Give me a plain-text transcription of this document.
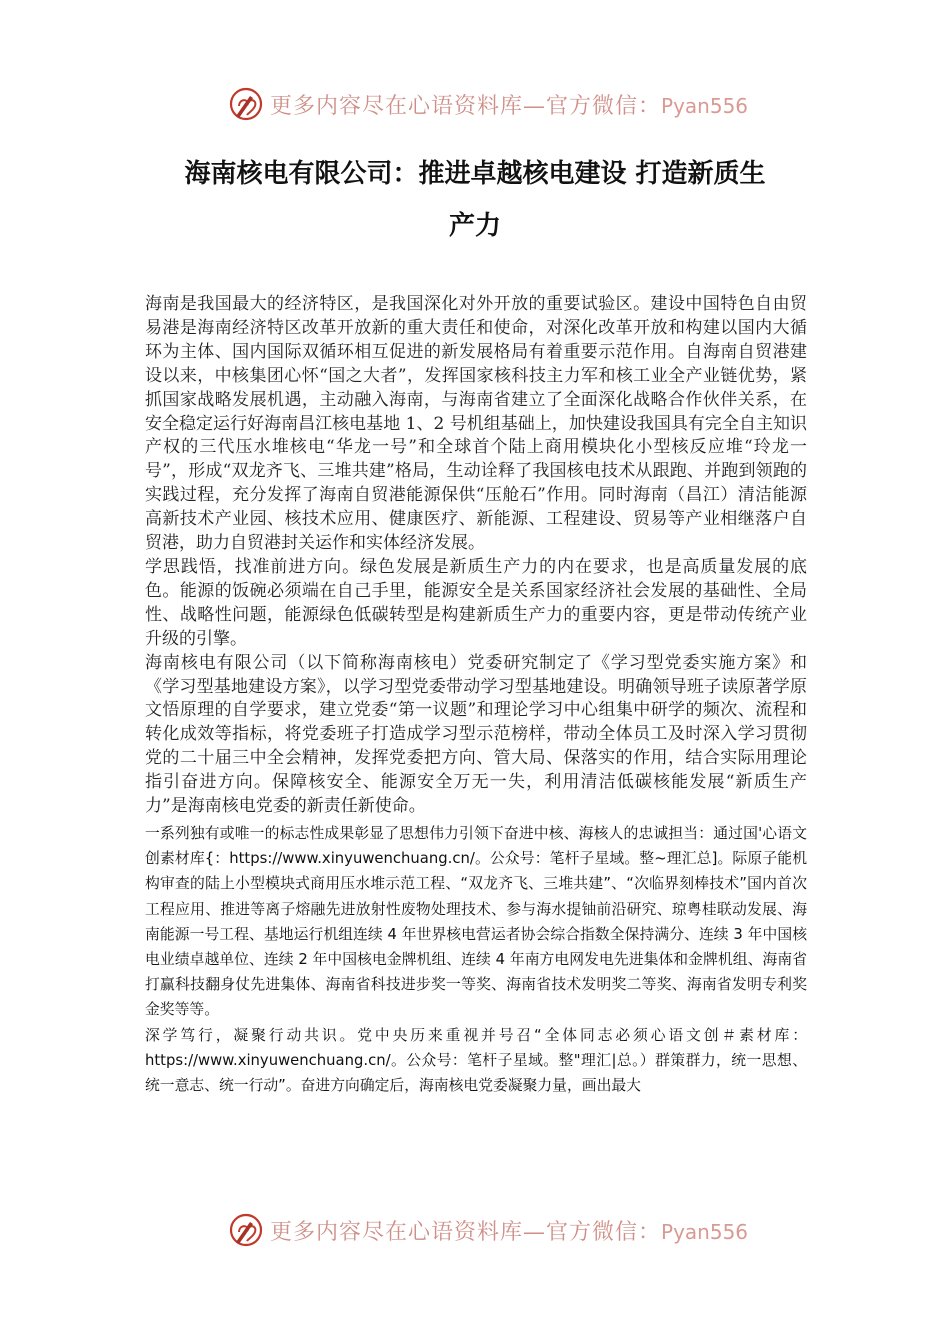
更多内容尽在心语资料库—官方微信：Pyan556
海南核电有限公司：推进卓越核电建设 打造新质生
产力

海南是我国最大的经济特区，是我国深化对外开放的重要试验区。建设中国特色自由贸易港是海南经济特区改革开放新的重大责任和使命，对深化改革开放和构建以国内大循环为主体、国内国际双循环相互促进的新发展格局有着重要示范作用。自海南自贸港建设以来，中核集团心怀“国之大者”，发挥国家核科技主力军和核工业全产业链优势，紧抓国家战略发展机遇，主动融入海南，与海南省建立了全面深化战略合作伙伴关系，在安全稳定运行好海南昌江核电基地 1、2 号机组基础上，加快建设我国具有完全自主知识产权的三代压水堆核电“华龙一号”和全球首个陆上商用模块化小型核反应堆“玲龙一号”，形成“双龙齐飞、三堆共建”格局，生动诠释了我国核电技术从跟跑、并跑到领跑的实践过程，充分发挥了海南自贸港能源保供“压舱石”作用。同时海南（昌江）清洁能源高新技术产业园、核技术应用、健康医疗、新能源、工程建设、贸易等产业相继落户自贸港，助力自贸港封关运作和实体经济发展。

学思践悟，找准前进方向。绿色发展是新质生产力的内在要求，也是高质量发展的底色。能源的饭碗必须端在自己手里，能源安全是关系国家经济社会发展的基础性、全局性、战略性问题，能源绿色低碳转型是构建新质生产力的重要内容，更是带动传统产业升级的引擎。

海南核电有限公司（以下简称海南核电）党委研究制定了《学习型党委实施方案》和《学习型基地建设方案》，以学习型党委带动学习型基地建设。明确领导班子读原著学原文悟原理的自学要求，建立党委“第一议题”和理论学习中心组集中研学的频次、流程和转化成效等指标，将党委班子打造成学习型示范榜样，带动全体员工及时深入学习贯彻党的二十届三中全会精神，发挥党委把方向、管大局、保落实的作用，结合实际用理论指引奋进方向。保障核安全、能源安全万无一失，利用清洁低碳核能发展“新质生产力”是海南核电党委的新责任新使命。

一系列独有或唯一的标志性成果彰显了思想伟力引领下奋进中核、海核人的忠诚担当：通过国'心语文创素材库{：https://www.xinyuwenchuang.cn/。公众号：笔杆子星域。整~理汇总]。际原子能机构审查的陆上小型模块式商用压水堆示范工程、“双龙齐飞、三堆共建”、“次临界刻棒技术”国内首次工程应用、推进等离子熔融先进放射性废物处理技术、参与海水提铀前沿研究、琼粤桂联动发展、海南能源一号工程、基地运行机组连续 4 年世界核电营运者协会综合指数全保持满分、连续 3 年中国核电业绩卓越单位、连续 2 年中国核电金牌机组、连续 4 年南方电网发电先进集体和金牌机组、海南省打赢科技翻身仗先进集体、海南省科技进步奖一等奖、海南省技术发明奖二等奖、海南省发明专利奖金奖等等。

深学笃行，凝聚行动共识。党中央历来重视并号召“全体同志必须心语文创＃素材库：https://www.xinyuwenchuang.cn/。公众号：笔杆子星域。整"理汇|总。）群策群力，统一思想、统一意志、统一行动”。奋进方向确定后，海南核电党委凝聚力量，画出最大

更多内容尽在心语资料库—官方微信：Pyan556
